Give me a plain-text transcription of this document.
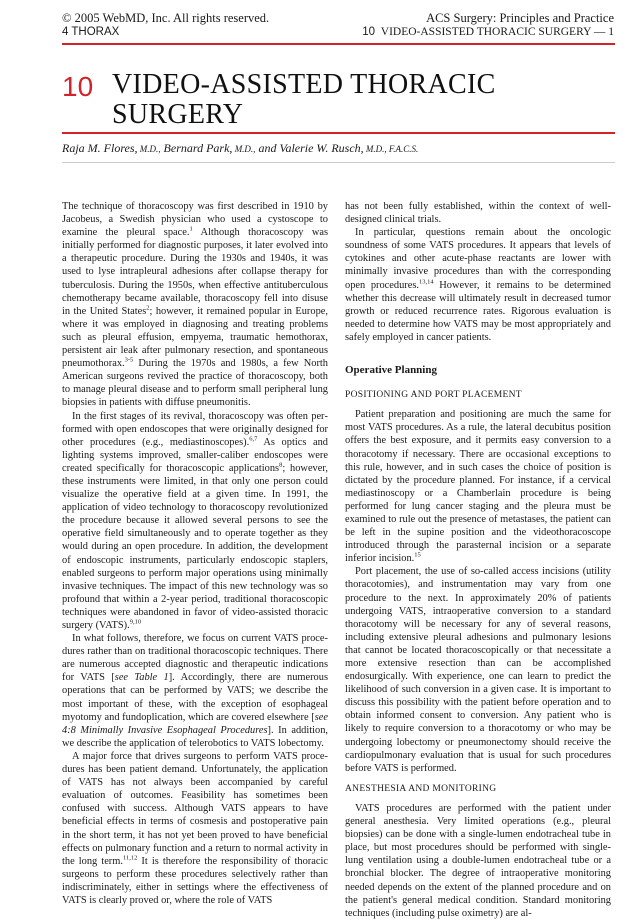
© 2005 WebMD, Inc. All rights reserved.
4 THORAX
ACS Surgery: Principles and Practice
10 VIDEO-ASSISTED THORACIC SURGERY — 1
10 VIDEO-ASSISTED THORACIC
SURGERY
Raja M. Flores, M.D., Bernard Park, M.D., and Valerie W. Rusch, M.D., F.A.C.S.

The technique of thoracoscopy was first described in 1910 by Jacobeus, a Swedish physician who used a cystoscope to examine the pleural space.$^1$ Although thoracoscopy was initially performed for diagnostic purposes, it later evolved into a therapeutic procedure. During the 1930s and 1940s, it was used to lyse intrapleural adhesions after collapse therapy for tuberculosis. During the 1950s, when effective antituberculous chemotherapy became available, thoracoscopy fell into disuse in the United States$^2$; however, it remained popular in Europe, where it was employed in diagnosing and treating problems such as pleural effusion, empyema, traumatic hemothorax, persistent air leak after pulmonary resection, and spontaneous pneumothorax.$^{3-5}$ During the 1970s and 1980s, a few North American surgeons revived the practice of thoracoscopy, both to manage pleural disease and to perform small peripheral lung biopsies in patients with diffuse pneumonitis.

In the first stages of its revival, thoracoscopy was often performed with open endoscopes that were originally designed for other procedures (e.g., mediastinoscopes).$^{6,7}$ As optics and lighting systems improved, smaller-caliber endoscopes were created specifically for thoracoscopic applications$^8$; however, these instruments were limited, in that only one person could visualize the operative field at a given time. In 1991, the application of video technology to thoracoscopy revolutionized the procedure because it allowed several persons to see the operative field simultaneously and to operate together as they would during an open procedure. In addition, the development of endoscopic instruments, particularly endoscopic staplers, enabled surgeons to perform major operations using minimally invasive techniques. The impact of this new technology was so profound that within a 2-year period, traditional thoracoscopic techniques were abandoned in favor of video-assisted thoracic surgery (VATS).$^{9,10}$

In what follows, therefore, we focus on current VATS procedures rather than on traditional thoracoscopic techniques. There are numerous accepted diagnostic and therapeutic indications for VATS [see Table 1]. Accordingly, there are numerous operations that can be performed by VATS; we describe the most important of these, with the exception of esophageal myotomy and fundoplication, which are covered elsewhere [see 4:8 Minimally Invasive Esophageal Procedures]. In addition, we describe the application of telerobotics to VATS lobectomy.

A major force that drives surgeons to perform VATS procedures has been patient demand. Unfortunately, the application of VATS has not always been accompanied by careful evaluation of outcomes. Feasibility has sometimes been confused with success. Although VATS appears to have beneficial effects in terms of cosmesis and postoperative pain in the short term, it has not yet been proved to have beneficial effects on pulmonary function and a return to normal activity in the long term.$^{11,12}$ It is therefore the responsibility of thoracic surgeons to perform these procedures selectively rather than indiscriminately, either in settings where the effectiveness of VATS is clearly proved or, where the role of VATS

has not been fully established, within the context of well-designed clinical trials.

In particular, questions remain about the oncologic soundness of some VATS procedures. It appears that levels of cytokines and other acute-phase reactants are lower with minimally invasive procedures than with the corresponding open procedures.$^{13,14}$ However, it remains to be determined whether this decrease will ultimately result in decreased tumor growth or reduced recurrence rates. Rigorous evaluation is needed to determine how VATS may be most appropriately and safely employed in cancer patients.

Operative Planning
POSITIONING AND PORT PLACEMENT

Patient preparation and positioning are much the same for most VATS procedures. As a rule, the lateral decubitus position offers the best exposure, and it permits easy conversion to a thoracotomy if necessary. There are occasional exceptions to this rule, however, and in such cases the choice of position is dictated by the procedure planned. For instance, if a cervical mediastinoscopy or a Chamberlain procedure is being performed for lung cancer staging and the pleura must be examined to rule out the presence of metastases, the patient can be left in the supine position and the videothoracoscope introduced through the parasternal incision or a separate inferior incision.$^{15}$

Port placement, the use of so-called access incisions (utility thoracotomies), and instrumentation may vary from one procedure to the next. In approximately 20% of patients undergoing VATS, intraoperative conversion to a standard thoracotomy will be necessary for any of several reasons, including extensive pleural adhesions and pulmonary lesions that cannot be located thoracoscopically or that necessitate a more extensive resection than can be accomplished endosurgically. With experience, one can learn to predict the likelihood of such conversion in a given case. It is important to discuss this possibility with the patient before operation and to obtain informed consent to conversion. Any patient who is likely to require conversion to a thoracotomy or who may be undergoing lobectomy or pneumonectomy should receive the cardiopulmonary evaluation that is usual for such procedures before VATS is performed.

ANESTHESIA AND MONITORING

VATS procedures are performed with the patient under general anesthesia. Very limited operations (e.g., pleural biopsies) can be done with a single-lumen endotracheal tube in place, but most procedures should be performed with single-lung ventilation using a double-lumen endotracheal tube or a bronchial blocker. The degree of intraoperative monitoring needed depends on the extent of the planned procedure and on the patient's general medical condition. Standard monitoring techniques (including pulse oximetry) are al-
